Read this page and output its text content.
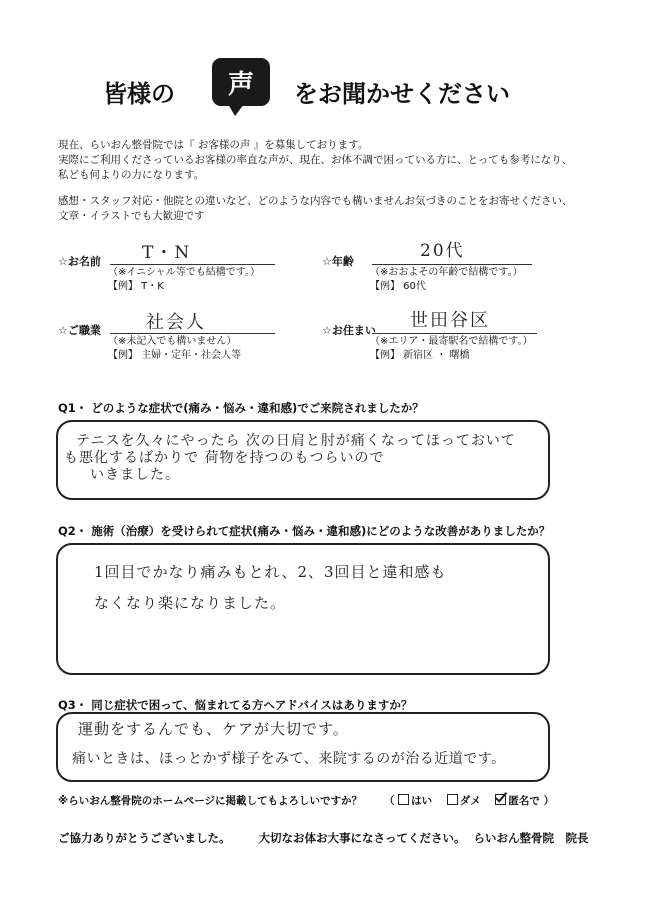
皆様の 声 をお聞かせください
現在、らいおん整骨院では『 お客様の声 』を募集しております。
実際にご利用くださっているお客様の率直な声が、現在、お体不調で困っている方に、とっても参考になり、
私ども何よりの力になります。
感想・スタッフ対応・他院との違いなど、どのような内容でも構いませんお気づきのことをお寄せください、
文章・イラストでも大歓迎です
☆お名前 T・N
（※イニシャル等でも結構です。）
【例】 T・K
☆年齢
20代
（※おおよその年齢で結構です。）
【例】 60代
☆ご職業	社会人
（※未記入でも構いません）
【例】 主婦・定年・社会人等
☆お住まい 世田谷区
（※エリア・最寄駅名で結構です。）
【例】 新宿区 ・ 曙橋
Q1・ どのような症状で(痛み・悩み・違和感)でご来院されましたか？
テニスを久々にやったら 次の日肩と肘が痛くなってほっておいて
も悪化するばかりで 荷物を持つのもつらいので
いきました。
Q2・ 施術（治療）を受けられて症状(痛み・悩み・違和感)にどのような改善がありましたか？
1回目でかなり痛みもとれ、2、3回目と違和感も
なくなり楽になりました。
Q3・ 同じ症状で困って、悩まれてる方へアドバイスはありますか？
運動をするんでも、ケアが大切です。
痛いときは、ほっとかず様子をみて、来院するのが治る近道です。
※らいおん整骨院のホームページに掲載してもよろしいですか？ （ はい	ダメ	匿名で ）
ご協力ありがとうございました。 大切なお体お大事になさってください。 らいおん整骨院　院長
